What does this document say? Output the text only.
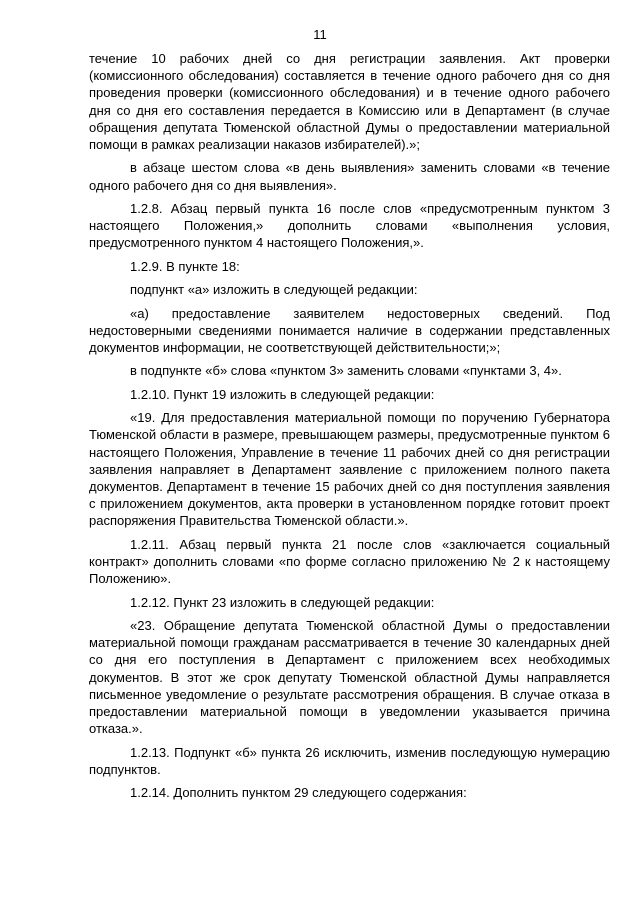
11

течение 10 рабочих дней со дня регистрации заявления. Акт проверки (комиссионного обследования) составляется в течение одного рабочего дня со дня проведения проверки (комиссионного обследования) и в течение одного рабочего дня со дня его составления передается в Комиссию или в Департамент (в случае обращения депутата Тюменской областной Думы о предоставлении материальной помощи в рамках реализации наказов избирателей).»;

в абзаце шестом слова «в день выявления» заменить словами «в течение одного рабочего дня со дня выявления».

1.2.8. Абзац первый пункта 16 после слов «предусмотренным пунктом 3 настоящего Положения,» дополнить словами «выполнения условия, предусмотренного пунктом 4 настоящего Положения,».

1.2.9. В пункте 18:

подпункт «а» изложить в следующей редакции:

«а) предоставление заявителем недостоверных сведений. Под недостоверными сведениями понимается наличие в содержании представленных документов информации, не соответствующей действительности;»;

в подпункте «б» слова «пунктом 3» заменить словами «пунктами 3, 4».

1.2.10. Пункт 19 изложить в следующей редакции:

«19. Для предоставления материальной помощи по поручению Губернатора Тюменской области в размере, превышающем размеры, предусмотренные пунктом 6 настоящего Положения, Управление в течение 11 рабочих дней со дня регистрации заявления направляет в Департамент заявление с приложением полного пакета документов. Департамент в течение 15 рабочих дней со дня поступления заявления с приложением документов, акта проверки в установленном порядке готовит проект распоряжения Правительства Тюменской области.».

1.2.11. Абзац первый пункта 21 после слов «заключается социальный контракт» дополнить словами «по форме согласно приложению № 2 к настоящему Положению».

1.2.12. Пункт 23 изложить в следующей редакции:

«23. Обращение депутата Тюменской областной Думы о предоставлении материальной помощи гражданам рассматривается в течение 30 календарных дней со дня его поступления в Департамент с приложением всех необходимых документов. В этот же срок депутату Тюменской областной Думы направляется письменное уведомление о результате рассмотрения обращения. В случае отказа в предоставлении материальной помощи в уведомлении указывается причина отказа.».

1.2.13. Подпункт «б» пункта 26 исключить, изменив последующую нумерацию подпунктов.

1.2.14. Дополнить пунктом 29 следующего содержания:
